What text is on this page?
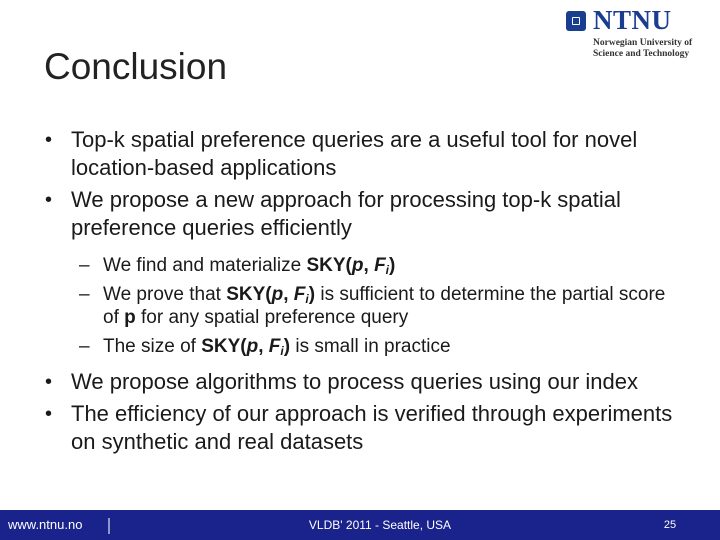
NTNU
Norwegian University of
Science and Technology
Conclusion
• Top-k spatial preference queries are a useful tool for novel location-based applications
• We propose a new approach for processing top-k spatial preference queries efficiently
– We find and materialize SKY(p, $F_i$)
– We prove that SKY(p, $F_i$) is sufficient to determine the partial score of p for any spatial preference query
– The size of SKY(p, $F_i$) is small in practice
• We propose algorithms to process queries using our index
• The efficiency of our approach is verified through experiments on synthetic and real datasets
www.ntnu.no	VLDB' 2011 - Seattle, USA	25
